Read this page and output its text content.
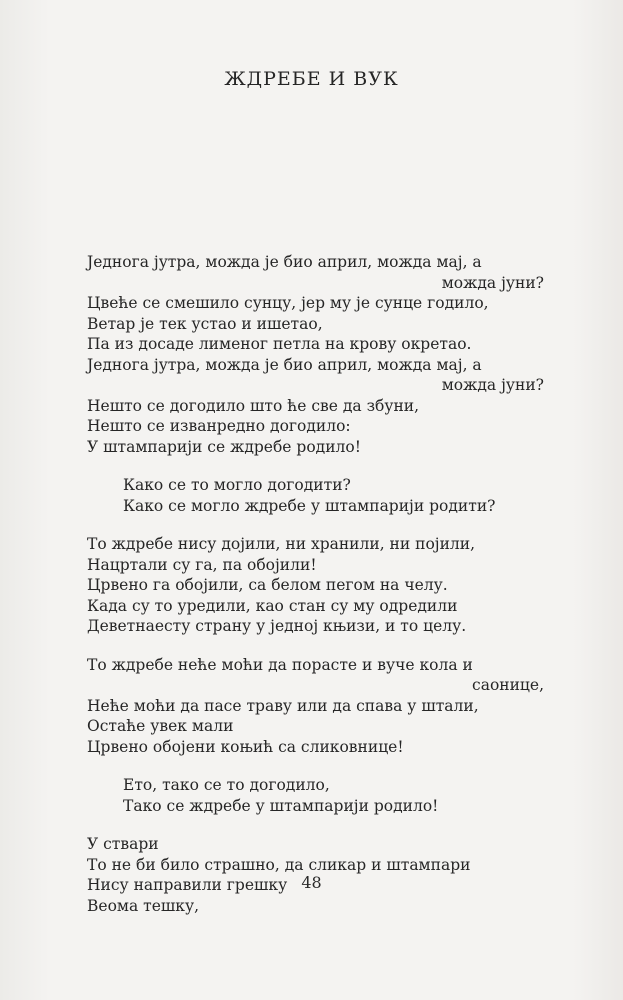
ЖДРЕБЕ И ВУК
Једнога јутра, можда је био април, можда мај, а
можда јуни?
Цвеће се смешило сунцу, јер му је сунце годило,
Ветар је тек устао и ишетао,
Па из досаде лименог петла на крову окретао.
Једнога јутра, можда је био април, можда мај, а
можда јуни?
Нешто се догодило што ће све да збуни,
Нешто се изванредно догодило:
У штампарији се ждребе родило!
Како се то могло догодити?
Како се могло ждребе у штампарији родити?
То ждребе нису дојили, ни хранили, ни појили,
Нацртали су га, па обојили!
Црвено га обојили, са белом пегом на челу.
Када су то уредили, као стан су му одредили
Деветнаесту страну у једној књизи, и то целу.
То ждребе неће моћи да порасте и вуче кола и
саонице,
Неће моћи да пасе траву или да спава у штали,
Остаће увек мали
Црвено обојени коњић са сликовнице!
Ето, тако се то догодило,
Тако се ждребе у штампарији родило!
У ствари
То не би било страшно, да сликар и штампари
Нису направили грешку
Веома тешку,
48
